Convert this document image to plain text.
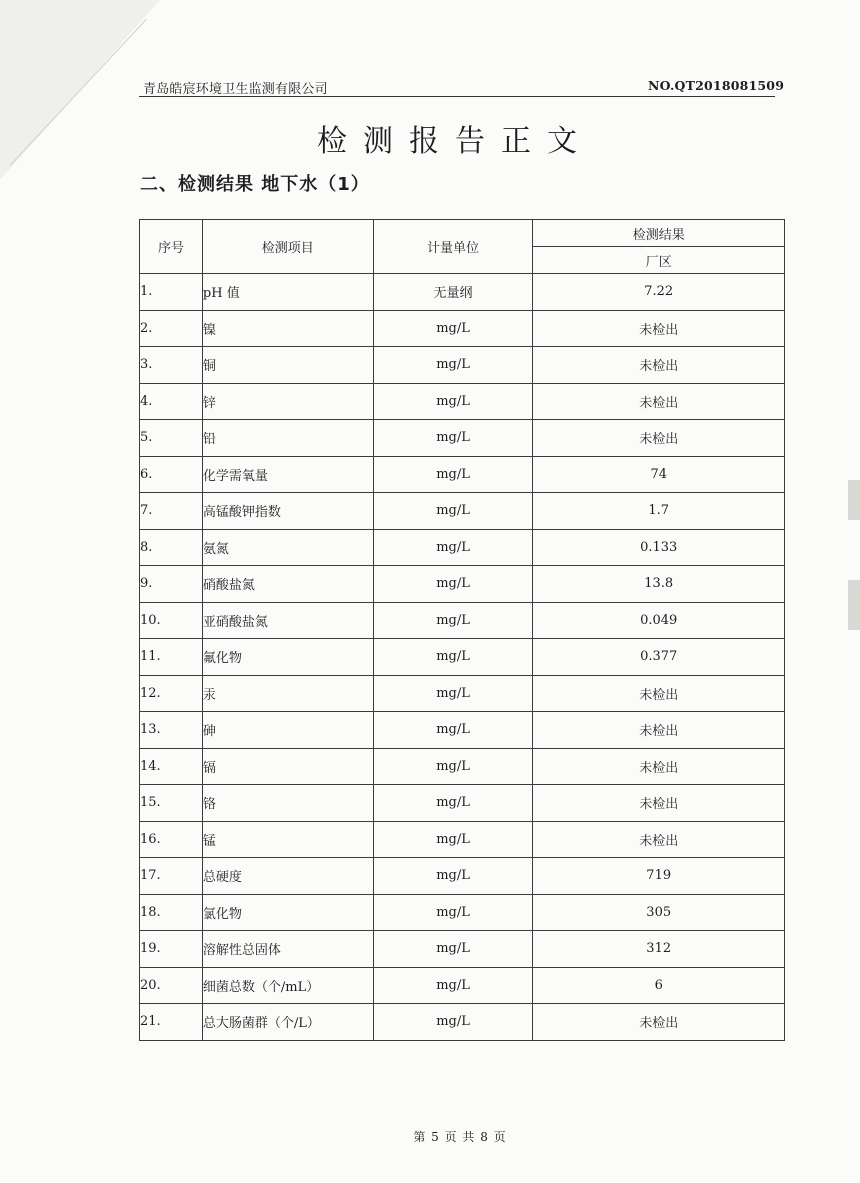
青岛皓宸环境卫生监测有限公司	NO.QT2018081509
检测报告正文
二、检测结果 地下水（1）
序号	检测项目	计量单位	检测结果
			厂区
1.	pH 值	无量纲	7.22
2.	镍	mg/L	未检出
3.	铜	mg/L	未检出
4.	锌	mg/L	未检出
5.	铅	mg/L	未检出
6.	化学需氧量	mg/L	74
7.	高锰酸钾指数	mg/L	1.7
8.	氨氮	mg/L	0.133
9.	硝酸盐氮	mg/L	13.8
10.	亚硝酸盐氮	mg/L	0.049
11.	氟化物	mg/L	0.377
12.	汞	mg/L	未检出
13.	砷	mg/L	未检出
14.	镉	mg/L	未检出
15.	铬	mg/L	未检出
16.	锰	mg/L	未检出
17.	总硬度	mg/L	719
18.	氯化物	mg/L	305
19.	溶解性总固体	mg/L	312
20.	细菌总数（个/mL）	mg/L	6
21.	总大肠菌群（个/L）	mg/L	未检出
第 5 页 共 8 页
